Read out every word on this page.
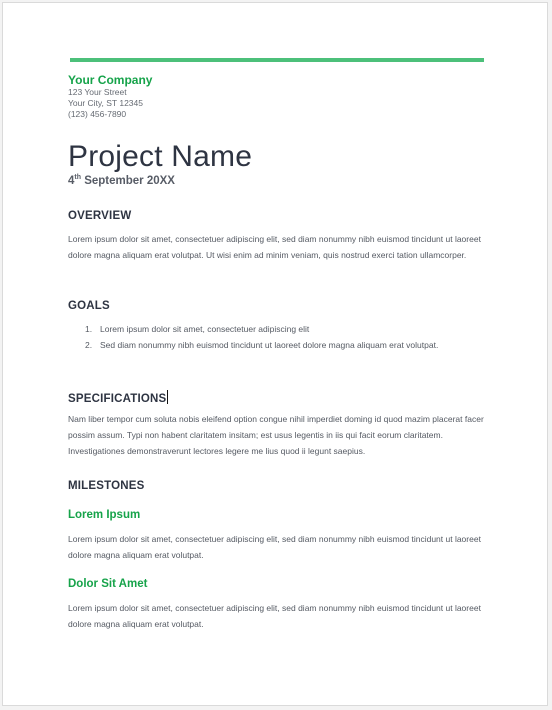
Your Company
123 Your Street
Your City, ST 12345
(123) 456-7890
Project Name
4th September 20XX
OVERVIEW
Lorem ipsum dolor sit amet, consectetuer adipiscing elit, sed diam nonummy nibh euismod tincidunt ut laoreet dolore magna aliquam erat volutpat. Ut wisi enim ad minim veniam, quis nostrud exerci tation ullamcorper.
GOALS
1. Lorem ipsum dolor sit amet, consectetuer adipiscing elit
2. Sed diam nonummy nibh euismod tincidunt ut laoreet dolore magna aliquam erat volutpat.
SPECIFICATIONS
Nam liber tempor cum soluta nobis eleifend option congue nihil imperdiet doming id quod mazim placerat facer possim assum. Typi non habent claritatem insitam; est usus legentis in iis qui facit eorum claritatem. Investigationes demonstraverunt lectores legere me lius quod ii legunt saepius.
MILESTONES
Lorem Ipsum
Lorem ipsum dolor sit amet, consectetuer adipiscing elit, sed diam nonummy nibh euismod tincidunt ut laoreet dolore magna aliquam erat volutpat.
Dolor Sit Amet
Lorem ipsum dolor sit amet, consectetuer adipiscing elit, sed diam nonummy nibh euismod tincidunt ut laoreet dolore magna aliquam erat volutpat.
